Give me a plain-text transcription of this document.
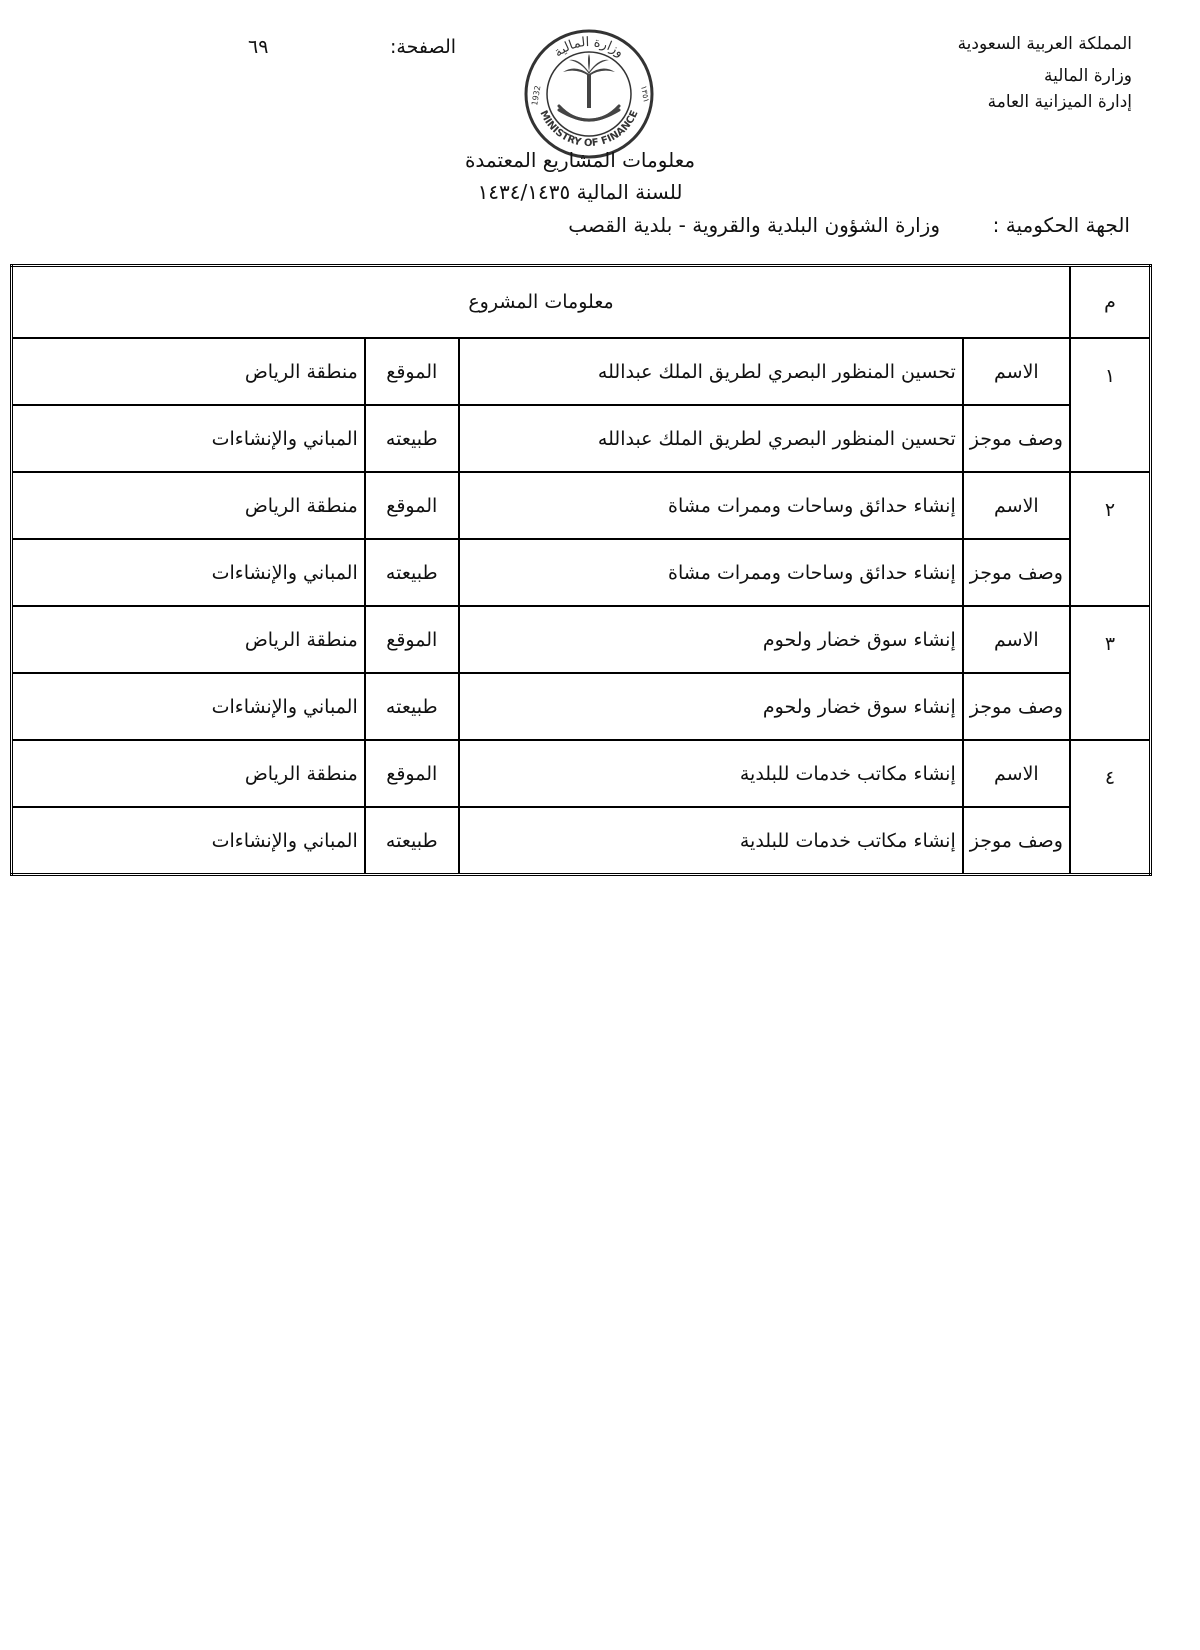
المملكة العربية السعودية
وزارة المالية
إدارة الميزانية العامة
الصفحة:
٦٩	وزارة المالية
MINISTRY OF FINANCE
1932	١٣٥١
معلومات المشاريع المعتمدة
للسنة المالية ١٤٣٤/١٤٣٥
الجهة الحكومية :
وزارة الشؤون البلدية والقروية - بلدية القصب
م	معلومات المشروع			
١	الاسم	تحسين المنظور البصري لطريق الملك عبدالله	الموقع	منطقة الرياض
	وصف موجز	تحسين المنظور البصري لطريق الملك عبدالله	طبيعته	المباني والإنشاءات
٢	الاسم	إنشاء حدائق وساحات وممرات مشاة	الموقع	منطقة الرياض
	وصف موجز	إنشاء حدائق وساحات وممرات مشاة	طبيعته	المباني والإنشاءات
٣	الاسم	إنشاء سوق خضار ولحوم	الموقع	منطقة الرياض
	وصف موجز	إنشاء سوق خضار ولحوم	طبيعته	المباني والإنشاءات
٤	الاسم	إنشاء مكاتب خدمات للبلدية	الموقع	منطقة الرياض
	وصف موجز	إنشاء مكاتب خدمات للبلدية	طبيعته	المباني والإنشاءات
